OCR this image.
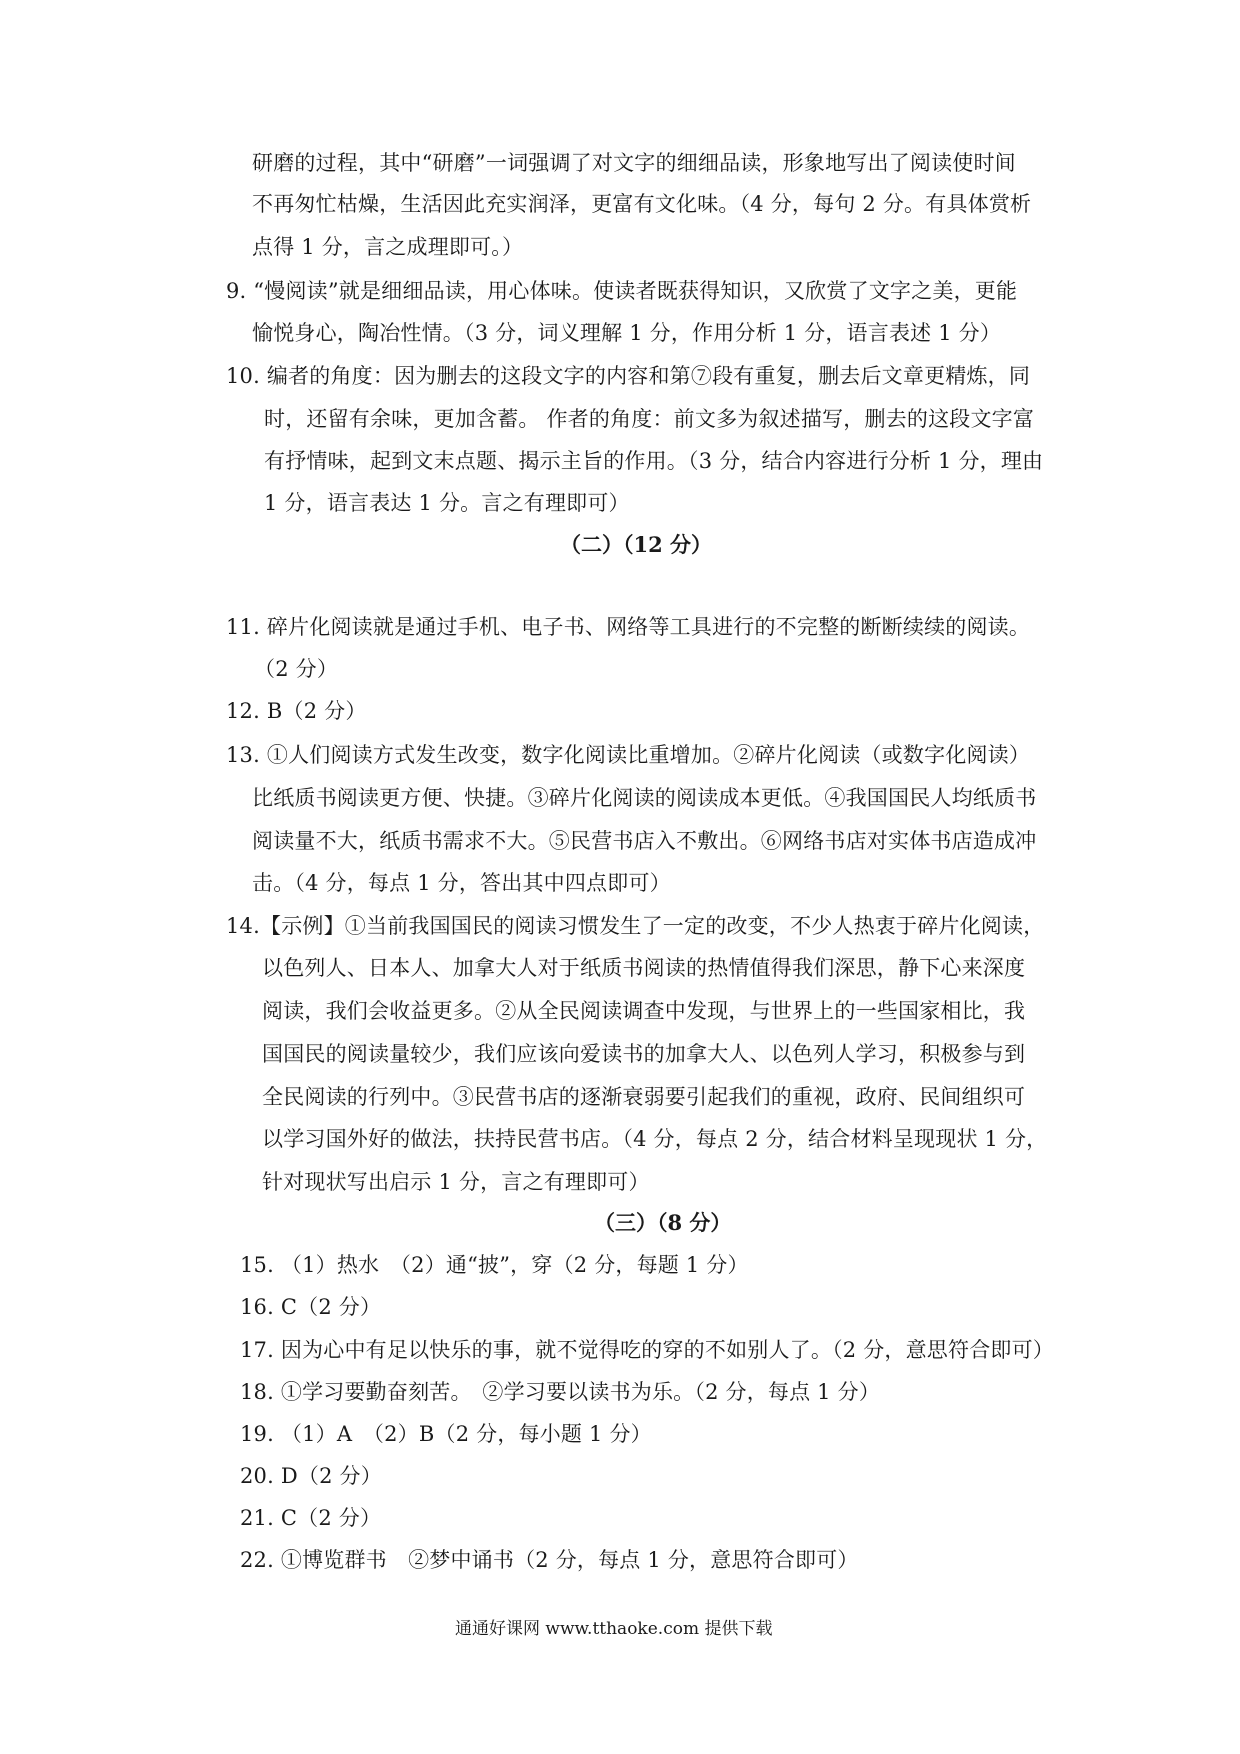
研磨的过程，其中“研磨”一词强调了对文字的细细品读，形象地写出了阅读使时间
不再匆忙枯燥，生活因此充实润泽，更富有文化味。（4 分，每句 2 分。有具体赏析
点得 1 分，言之成理即可。）
9. “慢阅读”就是细细品读，用心体味。使读者既获得知识，又欣赏了文字之美，更能
愉悦身心，陶冶性情。（3 分，词义理解 1 分，作用分析 1 分，语言表述 1 分）
10. 编者的角度：因为删去的这段文字的内容和第⑦段有重复，删去后文章更精炼，同
时，还留有余味，更加含蓄。 作者的角度：前文多为叙述描写，删去的这段文字富
有抒情味，起到文末点题、揭示主旨的作用。（3 分，结合内容进行分析 1 分，理由
1 分，语言表达 1 分。言之有理即可）
（二）（12 分）
11. 碎片化阅读就是通过手机、电子书、网络等工具进行的不完整的断断续续的阅读。
（2 分）
12. B（2 分）
13. ①人们阅读方式发生改变，数字化阅读比重增加。②碎片化阅读（或数字化阅读）
比纸质书阅读更方便、快捷。③碎片化阅读的阅读成本更低。④我国国民人均纸质书
阅读量不大，纸质书需求不大。⑤民营书店入不敷出。⑥网络书店对实体书店造成冲
击。（4 分，每点 1 分，答出其中四点即可）
14.【示例】①当前我国国民的阅读习惯发生了一定的改变，不少人热衷于碎片化阅读，
以色列人、日本人、加拿大人对于纸质书阅读的热情值得我们深思，静下心来深度
阅读，我们会收益更多。②从全民阅读调查中发现，与世界上的一些国家相比，我
国国民的阅读量较少，我们应该向爱读书的加拿大人、以色列人学习，积极参与到
全民阅读的行列中。③民营书店的逐渐衰弱要引起我们的重视，政府、民间组织可
以学习国外好的做法，扶持民营书店。（4 分，每点 2 分，结合材料呈现现状 1 分，
针对现状写出启示 1 分，言之有理即可）
（三）（8 分）
15. （1）热水　（2）通“披”，穿（2 分，每题 1 分）
16. C（2 分）
17. 因为心中有足以快乐的事，就不觉得吃的穿的不如别人了。（2 分，意思符合即可）
18. ①学习要勤奋刻苦。　②学习要以读书为乐。（2 分，每点 1 分）
19. （1）A　（2）B（2 分，每小题 1 分）
20. D（2 分）
21. C（2 分）
22. ①博览群书　②梦中诵书（2 分，每点 1 分，意思符合即可）
通通好课网 www.tthaoke.com 提供下载
